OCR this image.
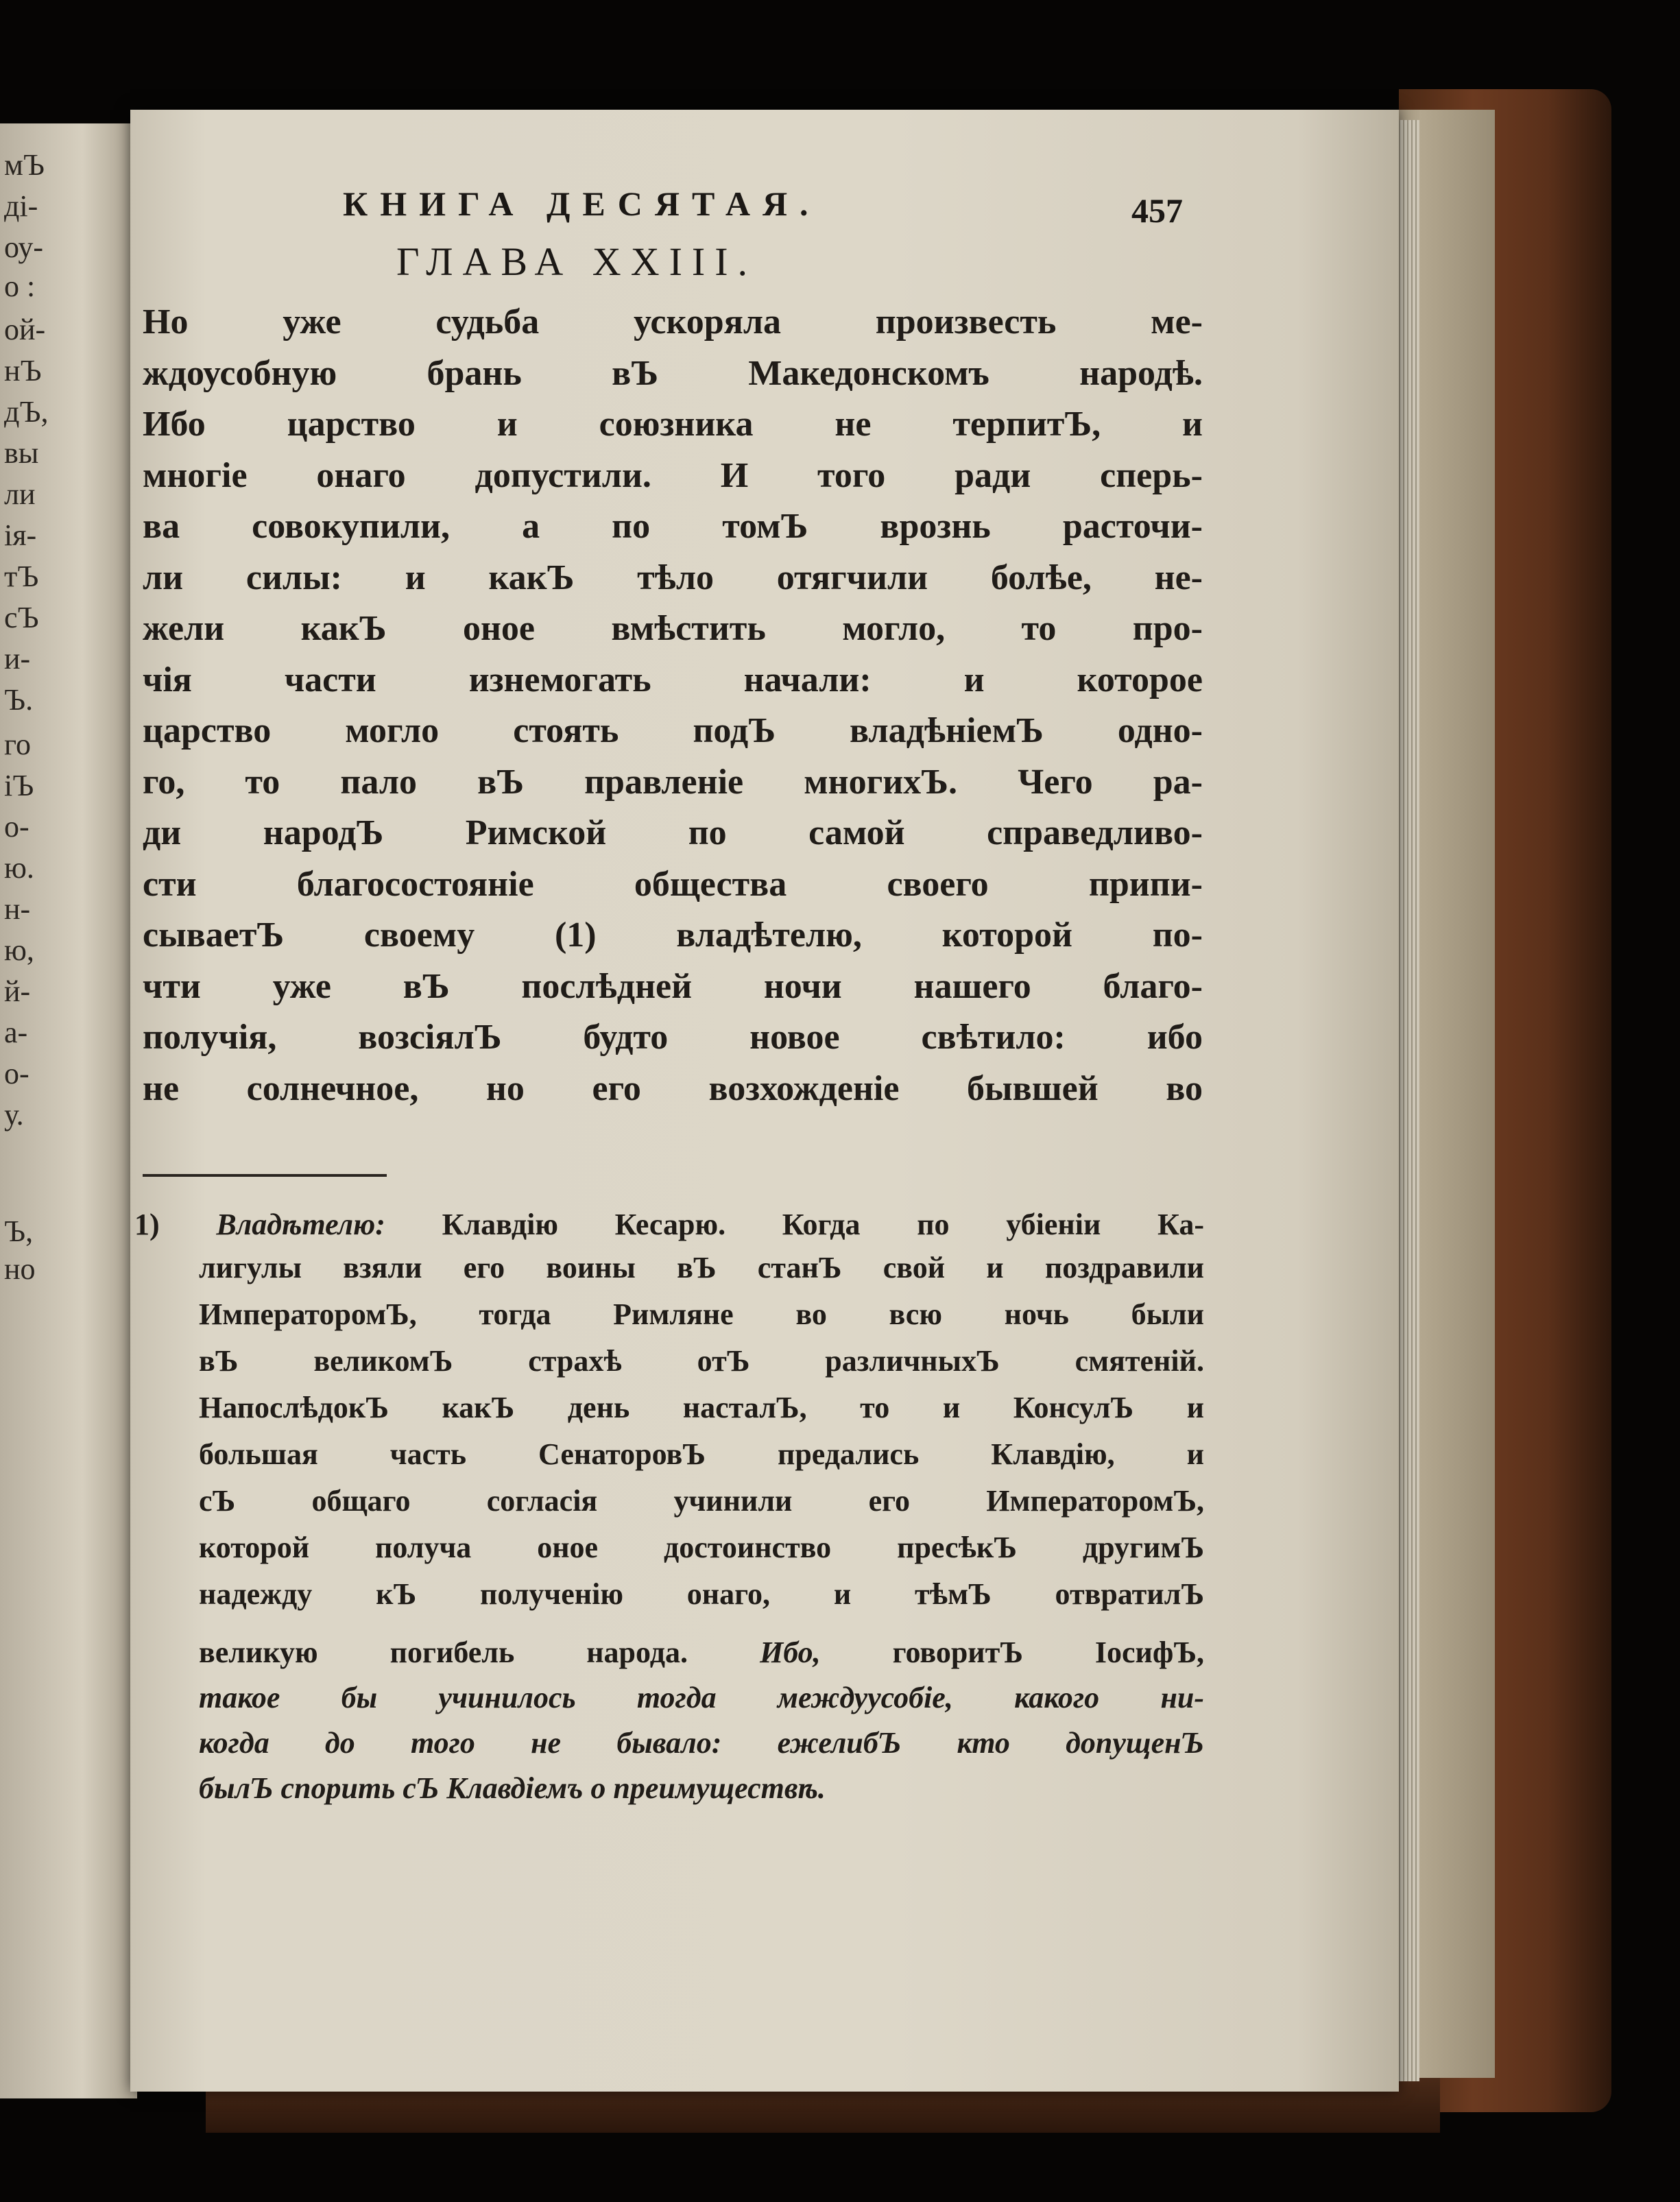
мЪ
ді-
оу-
о :
ой-
нЪ
дЪ,
вы
ли
ія-
тЪ
сЪ
и-
Ъ.
го
іЪ
о-
ю.
н-
ю,
й-
а-
о-
у.
Ъ,
но
КНИГА ДЕСЯТАЯ.	457
ГЛАВА XXIII.
Но уже судьба ускоряла произвесть ме-
ждоусобную брань вЪ Македонскомъ народѣ.
Ибо царство и союзника не терпитЪ, и
многіе онаго допустили. И того ради сперь-
ва совокупили, а по томЪ врознь расточи-
ли силы: и какЪ тѣло отягчили болѣе, не-
жели какЪ оное вмѣстить могло, то про-
чія части изнемогать начали: и которое
царство могло стоять подЪ владѣніемЪ одно-
го, то пало вЪ правленіе многихЪ. Чего ра-
ди народЪ Римской по самой справедливо-
сти благосостояніе общества своего припи-
сываетЪ своему (1) владѣтелю, которой по-
чти уже вЪ послѣдней ночи нашего благо-
получія, возсіялЪ будто новое свѣтило: ибо
не солнечное, но его возхожденіе бывшей во
1) Владѣтелю: Клавдію Кесарю. Когда по убіеніи Ка-
лигулы взяли его воины вЪ станЪ свой и поздравили
ИмператоромЪ, тогда Римляне во всю ночь были
вЪ великомЪ страхѣ отЪ различныхЪ смятеній.
НапослѣдокЪ какЪ день насталЪ, то и КонсулЪ и
большая часть СенаторовЪ предались Клавдію, и
сЪ общаго согласія учинили его ИмператоромЪ,
которой получа оное достоинство пресѣкЪ другимЪ
надежду кЪ полученію онаго, и тѣмЪ отвратилЪ
великую погибель народа. Ибо, говоритЪ ІосифЪ,
такое бы учинилось тогда междуусобіе, какого ни-
когда до того не бывало: ежелибЪ кто допущенЪ
былЪ спорить сЪ Клавдіемъ о преимуществѣ.
